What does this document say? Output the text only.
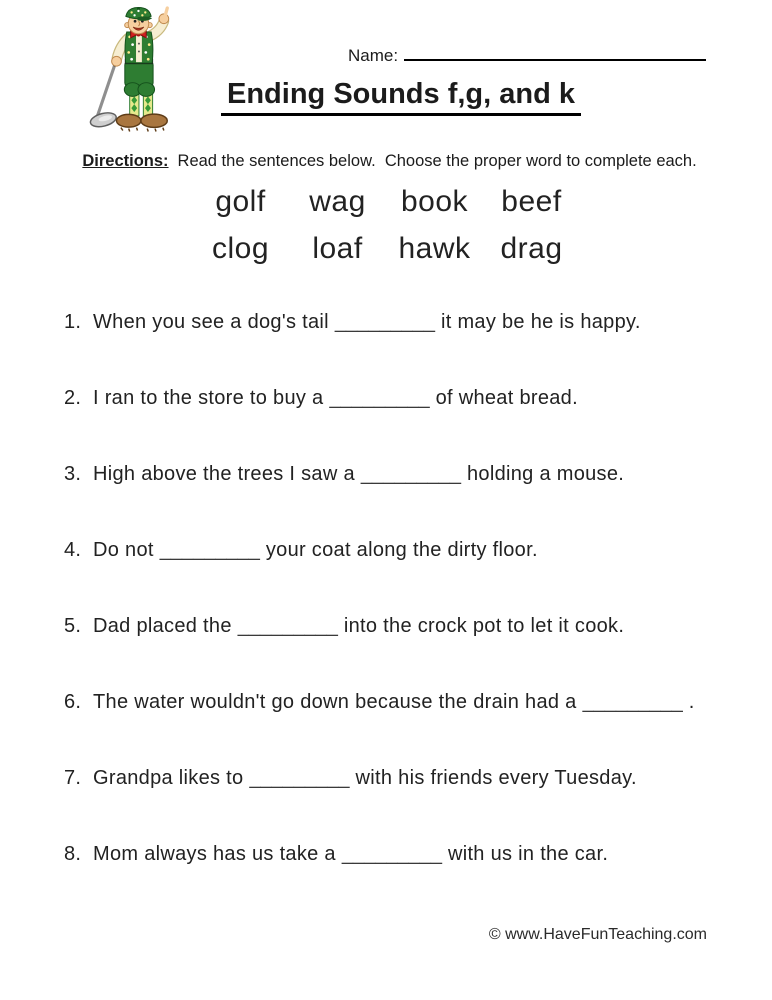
Name:
Ending Sounds f,g, and k

Directions: Read the sentences below.  Choose the proper word to complete each.

golf	wag	book	beef
clog	loaf	hawk drag
1. When you see a dog's tail _________ it may be he is happy.
2. I ran to the store to buy a _________ of wheat bread.
3. High above the trees I saw a _________ holding a mouse.
4. Do not _________ your coat along the dirty floor.
5. Dad placed the _________ into the crock pot to let it cook.
6. The water wouldn't go down because the drain had a _________ .
7. Grandpa likes to _________ with his friends every Tuesday.
8. Mom always has us take a _________ with us in the car.
© www.HaveFunTeaching.com
